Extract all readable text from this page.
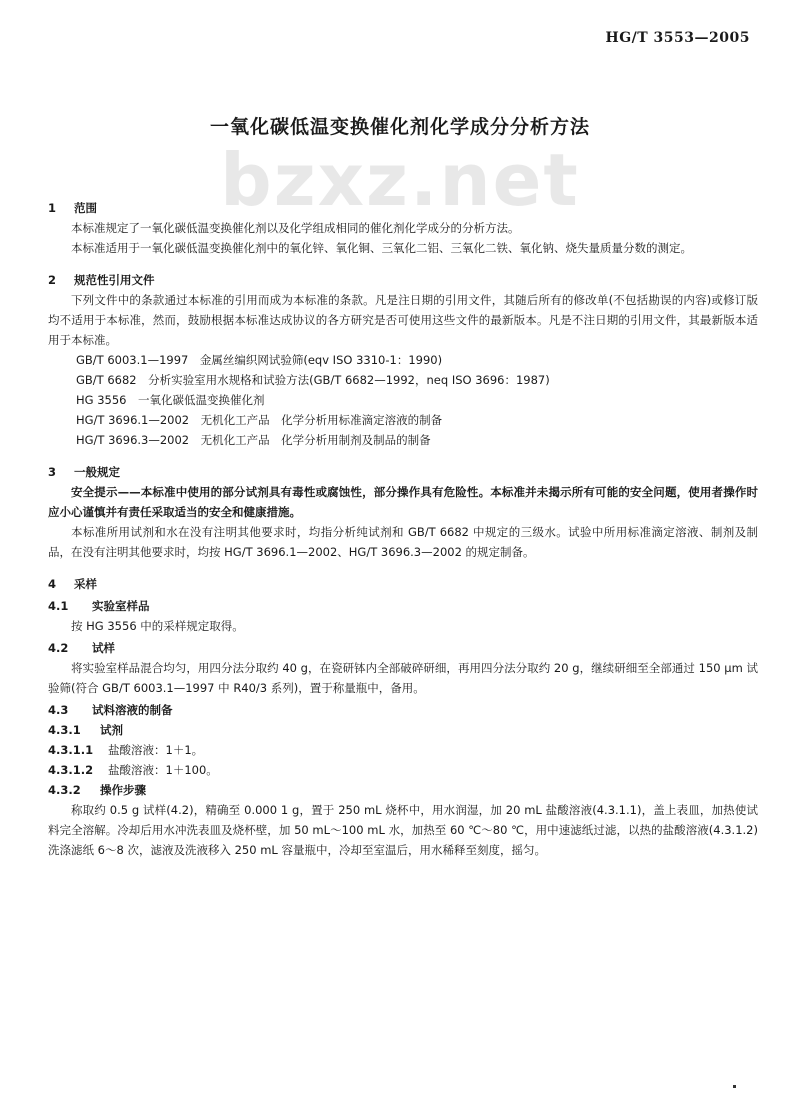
HG/T 3553—2005
一氧化碳低温变换催化剂化学成分分析方法
bzxz.net
1 范围
本标准规定了一氧化碳低温变换催化剂以及化学组成相同的催化剂化学成分的分析方法。
本标准适用于一氧化碳低温变换催化剂中的氧化锌、氧化铜、三氧化二铝、三氧化二铁、氧化钠、烧失量质量分数的测定。
2 规范性引用文件
下列文件中的条款通过本标准的引用而成为本标准的条款。凡是注日期的引用文件，其随后所有的修改单(不包括勘误的内容)或修订版均不适用于本标准，然而，鼓励根据本标准达成协议的各方研究是否可使用这些文件的最新版本。凡是不注日期的引用文件，其最新版本适用于本标准。
GB/T 6003.1—1997　金属丝编织网试验筛(eqv ISO 3310-1：1990)
GB/T 6682　分析实验室用水规格和试验方法(GB/T 6682—1992，neq ISO 3696：1987)
HG 3556　一氧化碳低温变换催化剂
HG/T 3696.1—2002　无机化工产品　化学分析用标准滴定溶液的制备
HG/T 3696.3—2002　无机化工产品　化学分析用制剂及制品的制备
3 一般规定
安全提示——本标准中使用的部分试剂具有毒性或腐蚀性，部分操作具有危险性。本标准并未揭示所有可能的安全问题，使用者操作时应小心谨慎并有责任采取适当的安全和健康措施。
本标准所用试剂和水在没有注明其他要求时，均指分析纯试剂和 GB/T 6682 中规定的三级水。试验中所用标准滴定溶液、制剂及制品，在没有注明其他要求时，均按 HG/T 3696.1—2002、HG/T 3696.3—2002 的规定制备。
4 采样
4.1 实验室样品
按 HG 3556 中的采样规定取得。
4.2 试样
将实验室样品混合均匀，用四分法分取约 40 g，在瓷研钵内全部破碎研细，再用四分法分取约 20 g，继续研细至全部通过 150 μm 试验筛(符合 GB/T 6003.1—1997 中 R40/3 系列)，置于称量瓶中，备用。
4.3 试料溶液的制备
4.3.1 试剂
4.3.1.1 盐酸溶液：1＋1。
4.3.1.2 盐酸溶液：1＋100。
4.3.2 操作步骤
称取约 0.5 g 试样(4.2)，精确至 0.000 1 g，置于 250 mL 烧杯中，用水润湿，加 20 mL 盐酸溶液(4.3.1.1)，盖上表皿，加热使试料完全溶解。冷却后用水冲洗表皿及烧杯壁，加 50 mL～100 mL 水，加热至 60 ℃～80 ℃，用中速滤纸过滤，以热的盐酸溶液(4.3.1.2)洗涤滤纸 6～8 次，滤液及洗液移入 250 mL 容量瓶中，冷却至室温后，用水稀释至刻度，摇匀。
